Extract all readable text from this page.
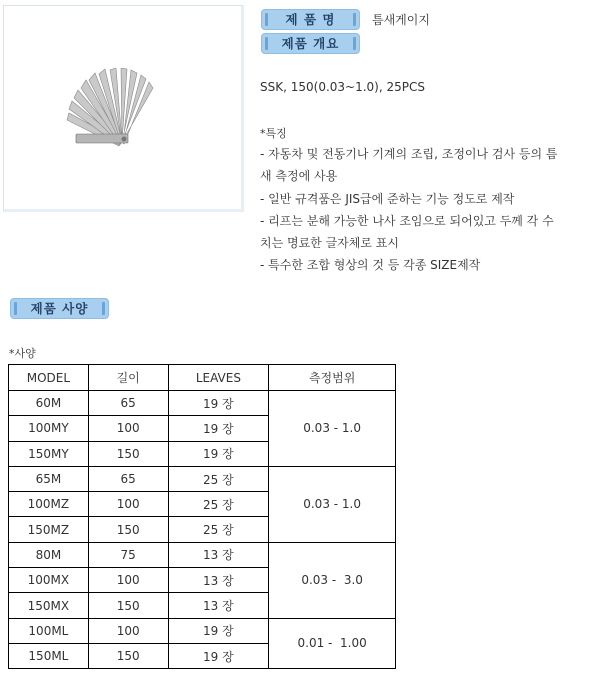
제 품 명	틈새게이지
제품 개요
SSK, 150(0.03~1.0), 25PCS
*특징
- 자동차 및 전동기나 기계의 조립, 조정이나 검사 등의 틈
새 측정에 사용
- 일반 규격품은 JIS급에 준하는 기능 정도로 제작
- 리프는 분해 가능한 나사 조임으로 되어있고 두께 각 수
치는 명료한 글자체로 표시
- 특수한 조합 형상의 것 등 각종 SIZE제작
제품 사양
*사양
MODEL	길이	LEAVES	측정범위
60M	65	19 장	0.03 - 1.0
100MY	100	19 장	
150MY	150	19 장	
65M	65	25 장	0.03 - 1.0
100MZ	100	25 장	
150MZ	150	25 장	
80M	75	13 장	0.03 -  3.0
100MX	100	13 장	
150MX	150	13 장	
100ML	100	19 장	0.01 -  1.00
150ML	150	19 장	
